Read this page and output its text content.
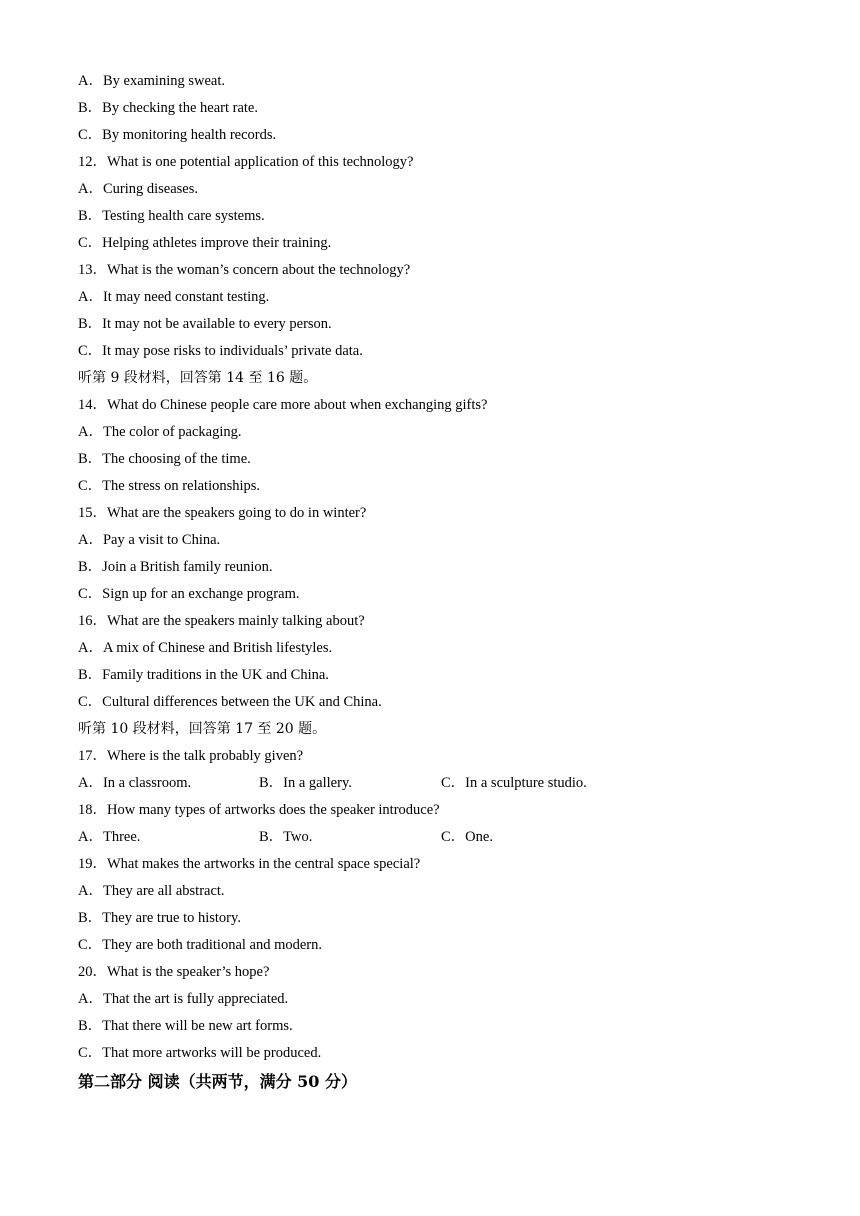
A．By examining sweat.
B．By checking the heart rate.
C．By monitoring health records.
12．What is one potential application of this technology?
A．Curing diseases.
B．Testing health care systems.
C．Helping athletes improve their training.
13．What is the woman’s concern about the technology?
A．It may need constant testing.
B．It may not be available to every person.
C．It may pose risks to individuals’ private data.
听第 9 段材料，回答第 14 至 16 题。
14．What do Chinese people care more about when exchanging gifts?
A．The color of packaging.
B．The choosing of the time.
C．The stress on relationships.
15．What are the speakers going to do in winter?
A．Pay a visit to China.
B．Join a British family reunion.
C．Sign up for an exchange program.
16．What are the speakers mainly talking about?
A．A mix of Chinese and British lifestyles.
B．Family traditions in the UK and China.
C．Cultural differences between the UK and China.
听第 10 段材料，回答第 17 至 20 题。
17．Where is the talk probably given?
A．In a classroom.	B．In a gallery.	C．In a sculpture studio.
18．How many types of artworks does the speaker introduce?
A．Three.	B．Two.	C．One.
19．What makes the artworks in the central space special?
A．They are all abstract.
B．They are true to history.
C．They are both traditional and modern.
20．What is the speaker’s hope?
A．That the art is fully appreciated.
B．That there will be new art forms.
C．That more artworks will be produced.
第二部分 阅读（共两节，满分 50 分）
